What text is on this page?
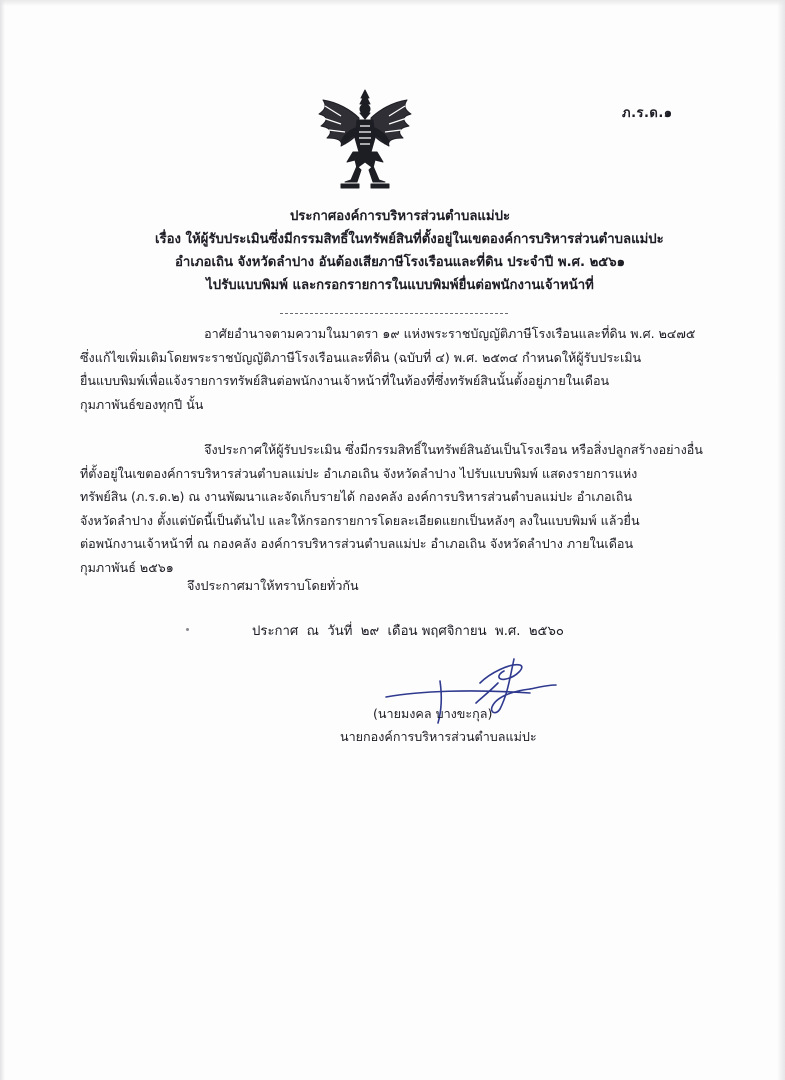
ภ.ร.ด.๑
ประกาศองค์การบริหารส่วนตำบลแม่ปะ
เรื่อง ให้ผู้รับประเมินซึ่งมีกรรมสิทธิ์ในทรัพย์สินที่ตั้งอยู่ในเขตองค์การบริหารส่วนตำบลแม่ปะ
อำเภอเถิน จังหวัดลำปาง อันต้องเสียภาษีโรงเรือนและที่ดิน ประจำปี พ.ศ. ๒๕๖๑
ไปรับแบบพิมพ์ และกรอกรายการในแบบพิมพ์ยื่นต่อพนักงานเจ้าหน้าที่
อาศัยอำนาจตามความในมาตรา ๑๙ แห่งพระราชบัญญัติภาษีโรงเรือนและที่ดิน พ.ศ. ๒๔๗๕
ซึ่งแก้ไขเพิ่มเติมโดยพระราชบัญญัติภาษีโรงเรือนและที่ดิน (ฉบับที่ ๔) พ.ศ. ๒๕๓๔ กำหนดให้ผู้รับประเมิน
ยื่นแบบพิมพ์เพื่อแจ้งรายการทรัพย์สินต่อพนักงานเจ้าหน้าที่ในท้องที่ซึ่งทรัพย์สินนั้นตั้งอยู่ภายในเดือน
กุมภาพันธ์ของทุกปี นั้น
จึงประกาศให้ผู้รับประเมิน ซึ่งมีกรรมสิทธิ์ในทรัพย์สินอันเป็นโรงเรือน หรือสิ่งปลูกสร้างอย่างอื่น
ที่ตั้งอยู่ในเขตองค์การบริหารส่วนตำบลแม่ปะ อำเภอเถิน จังหวัดลำปาง ไปรับแบบพิมพ์ แสดงรายการแห่ง
ทรัพย์สิน (ภ.ร.ด.๒) ณ งานพัฒนาและจัดเก็บรายได้ กองคลัง องค์การบริหารส่วนตำบลแม่ปะ อำเภอเถิน
จังหวัดลำปาง ตั้งแต่บัดนี้เป็นต้นไป และให้กรอกรายการโดยละเอียดแยกเป็นหลังๆ ลงในแบบพิมพ์ แล้วยื่น
ต่อพนักงานเจ้าหน้าที่ ณ กองคลัง องค์การบริหารส่วนตำบลแม่ปะ อำเภอเถิน จังหวัดลำปาง ภายในเดือน
กุมภาพันธ์ ๒๕๖๑
จึงประกาศมาให้ทราบโดยทั่วกัน
ประกาศ  ณ  วันที่  ๒๙  เดือน พฤศจิกายน  พ.ศ.  ๒๕๖๐
(นายมงคล บางขะกุล)
นายกองค์การบริหารส่วนตำบลแม่ปะ
